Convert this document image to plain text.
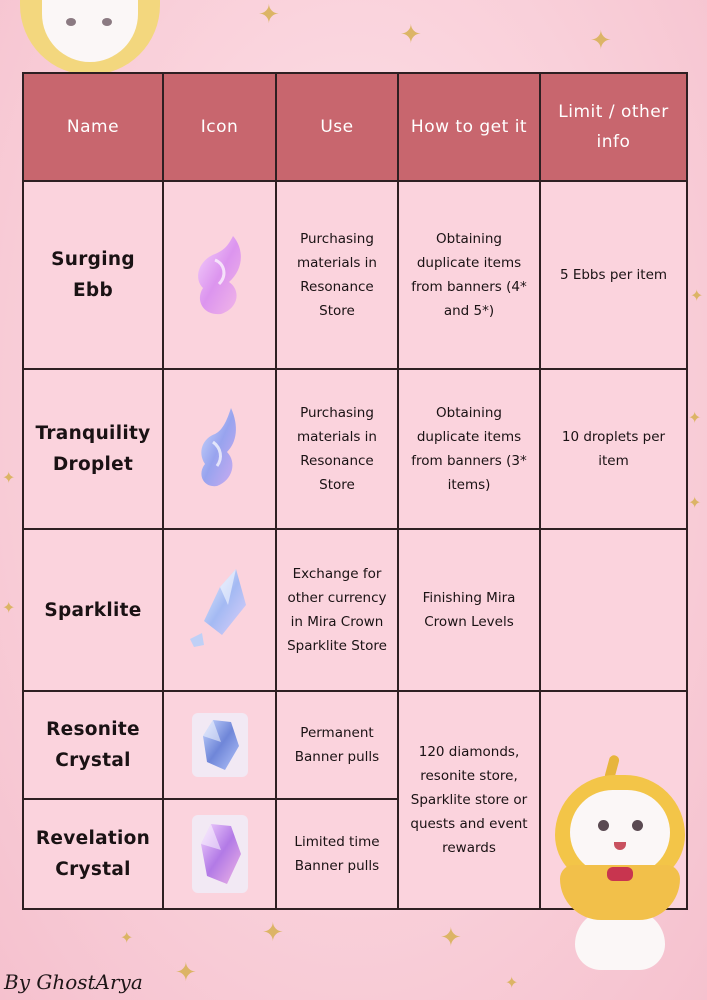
✦
✦	✦
✦
✦
✦
✦
✦
✦	✦
✦
✦
✦
Name	Icon	Use	How to get it	Limit / other info
Surging Ebb		Purchasing materials in Resonance Store	Obtaining duplicate items from banners (4* and 5*)	5 Ebbs per item
Tranquility Droplet		Purchasing materials in Resonance Store	Obtaining duplicate items from banners (3* items)	10 droplets per item
Sparklite		Exchange for other currency in Mira Crown Sparklite Store	Finishing Mira Crown Levels	
Resonite Crystal		Permanent Banner pulls	120 diamonds, resonite store, Sparklite store or quests and event rewards	
Revelation Crystal		Limited time Banner pulls		
By GhostArya
